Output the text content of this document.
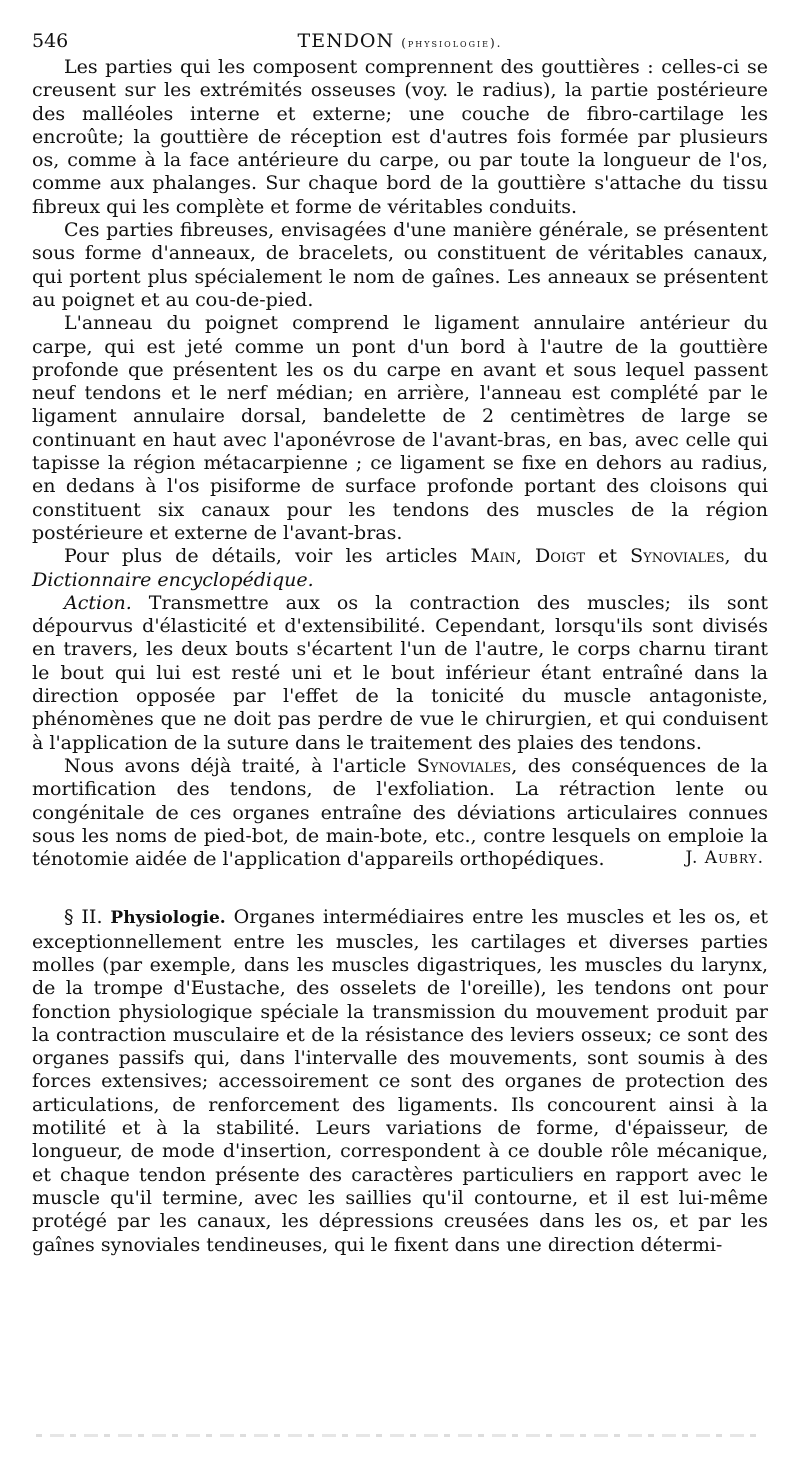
546	TENDON (physiologie).

Les parties qui les composent comprennent des gouttières : celles-ci se creusent sur les extrémités osseuses (voy. le radius), la partie postérieure des malléoles interne et externe; une couche de fibro-cartilage les encroûte; la gouttière de réception est d'autres fois formée par plusieurs os, comme à la face antérieure du carpe, ou par toute la longueur de l'os, comme aux phalanges. Sur chaque bord de la gouttière s'attache du tissu fibreux qui les complète et forme de véritables conduits.

Ces parties fibreuses, envisagées d'une manière générale, se présentent sous forme d'anneaux, de bracelets, ou constituent de véritables canaux, qui portent plus spécialement le nom de gaînes. Les anneaux se présentent au poignet et au cou-de-pied.

L'anneau du poignet comprend le ligament annulaire antérieur du carpe, qui est jeté comme un pont d'un bord à l'autre de la gouttière profonde que présentent les os du carpe en avant et sous lequel passent neuf tendons et le nerf médian; en arrière, l'anneau est complété par le ligament annulaire dorsal, bandelette de 2 centimètres de large se continuant en haut avec l'aponévrose de l'avant-bras, en bas, avec celle qui tapisse la région métacarpienne ; ce ligament se fixe en dehors au radius, en dedans à l'os pisiforme de surface profonde portant des cloisons qui constituent six canaux pour les tendons des muscles de la région postérieure et externe de l'avant-bras.

Pour plus de détails, voir les articles Main, Doigt et Synoviales, du Dictionnaire encyclopédique.

Action. Transmettre aux os la contraction des muscles; ils sont dépourvus d'élasticité et d'extensibilité. Cependant, lorsqu'ils sont divisés en travers, les deux bouts s'écartent l'un de l'autre, le corps charnu tirant le bout qui lui est resté uni et le bout inférieur étant entraîné dans la direction opposée par l'effet de la tonicité du muscle antagoniste, phénomènes que ne doit pas perdre de vue le chirurgien, et qui conduisent à l'application de la suture dans le traitement des plaies des tendons.

Nous avons déjà traité, à l'article Synoviales, des conséquences de la mortification des tendons, de l'exfoliation. La rétraction lente ou congénitale de ces organes entraîne des déviations articulaires connues sous les noms de pied-bot, de main-bote, etc., contre lesquels on emploie la ténotomie aidée de l'application d'appareils orthopédiques.	J. Aubry.

§ II. Physiologie. Organes intermédiaires entre les muscles et les os, et exceptionnellement entre les muscles, les cartilages et diverses parties molles (par exemple, dans les muscles digastriques, les muscles du larynx, de la trompe d'Eustache, des osselets de l'oreille), les tendons ont pour fonction physiologique spéciale la transmission du mouvement produit par la contraction musculaire et de la résistance des leviers osseux; ce sont des organes passifs qui, dans l'intervalle des mouvements, sont soumis à des forces extensives; accessoirement ce sont des organes de protection des articulations, de renforcement des ligaments. Ils concourent ainsi à la motilité et à la stabilité. Leurs variations de forme, d'épaisseur, de longueur, de mode d'insertion, correspondent à ce double rôle mécanique, et chaque tendon présente des caractères particuliers en rapport avec le muscle qu'il termine, avec les saillies qu'il contourne, et il est lui-même protégé par les canaux, les dépressions creusées dans les os, et par les gaînes synoviales tendineuses, qui le fixent dans une direction détermi-
